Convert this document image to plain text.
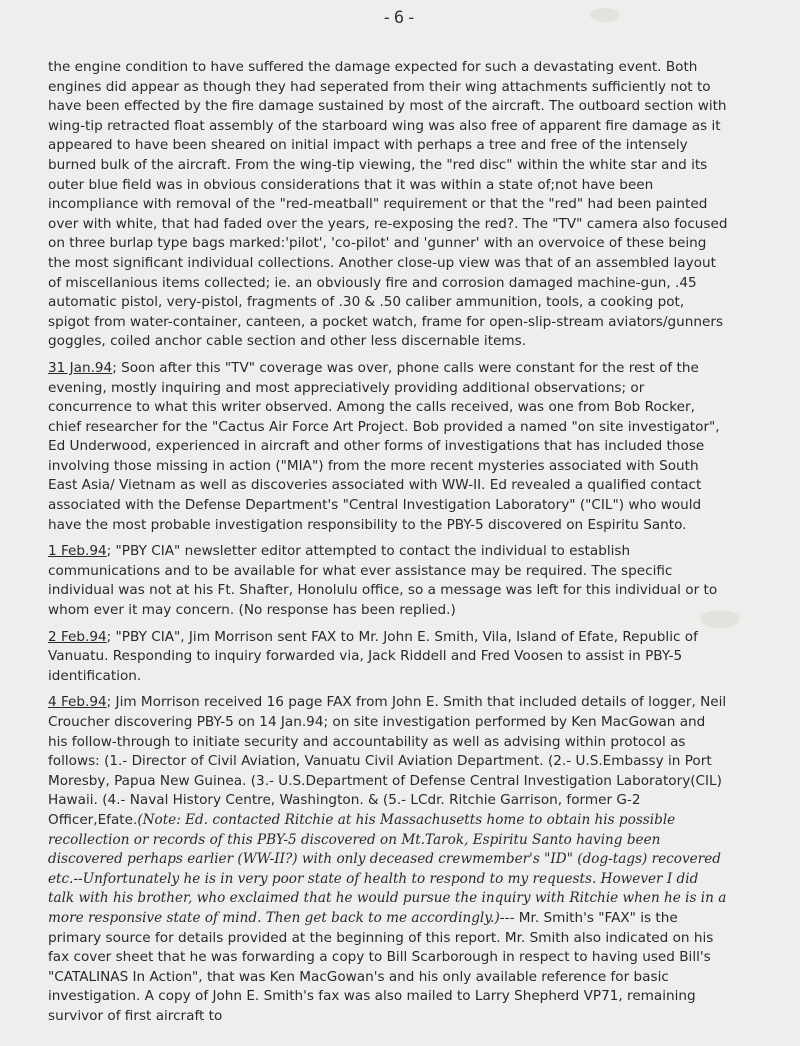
-6-

the engine condition to have suffered the damage expected for such a devastating event. Both engines did appear as though they had seperated from their wing attachments sufficiently not to have been effected by the fire damage sustained by most of the aircraft. The outboard section with wing-tip retracted float assembly of the starboard wing was also free of apparent fire damage as it appeared to have been sheared on initial impact with perhaps a tree and free of the intensely burned bulk of the aircraft. From the wing-tip viewing, the "red disc" within the white star and its outer blue field was in obvious considerations that it was within a state of;not have been incompliance with removal of the "red-meatball" requirement or that the "red" had been painted over with white, that had faded over the years, re-exposing the red?. The "TV" camera also focused on three burlap type bags marked:'pilot', 'co-pilot' and 'gunner' with an overvoice of these being the most significant individual collections. Another close-up view was that of an assembled layout of miscellanious items collected; ie. an obviously fire and corrosion damaged machine-gun, .45 automatic pistol, very-pistol, fragments of .30 & .50 caliber ammunition, tools, a cooking pot, spigot from water-container, canteen, a pocket watch, frame for open-slip-stream aviators/gunners goggles, coiled anchor cable section and other less discernable items.

31 Jan.94; Soon after this "TV" coverage was over, phone calls were constant for the rest of the evening, mostly inquiring and most appreciatively providing additional observations; or concurrence to what this writer observed. Among the calls received, was one from Bob Rocker, chief researcher for the "Cactus Air Force Art Project. Bob provided a named "on site investigator", Ed Underwood, experienced in aircraft and other forms of investigations that has included those involving those missing in action ("MIA") from the more recent mysteries associated with South East Asia/ Vietnam as well as discoveries associated with WW-II. Ed revealed a qualified contact associated with the Defense Department's "Central Investigation Laboratory" ("CIL") who would have the most probable investigation responsibility to the PBY-5 discovered on Espiritu Santo.

1 Feb.94; "PBY CIA" newsletter editor attempted to contact the individual to establish communications and to be available for what ever assistance may be required. The specific individual was not at his Ft. Shafter, Honolulu office, so a message was left for this individual or to whom ever it may concern. (No response has been replied.)

2 Feb.94; "PBY CIA", Jim Morrison sent FAX to Mr. John E. Smith, Vila, Island of Efate, Republic of Vanuatu. Responding to inquiry forwarded via, Jack Riddell and Fred Voosen to assist in PBY-5 identification.

4 Feb.94; Jim Morrison received 16 page FAX from John E. Smith that included details of logger, Neil Croucher discovering PBY-5 on 14 Jan.94; on site investigation performed by Ken MacGowan and his follow-through to initiate security and accountability as well as advising within protocol as follows: (1.- Director of Civil Aviation, Vanuatu Civil Aviation Department. (2.- U.S.Embassy in Port Moresby, Papua New Guinea. (3.- U.S.Department of Defense Central Investigation Laboratory(CIL) Hawaii. (4.- Naval History Centre, Washington. & (5.- LCdr. Ritchie Garrison, former G-2 Officer,Efate.(Note: Ed. contacted Ritchie at his Massachusetts home to obtain his possible recollection or records of this PBY-5 discovered on Mt.Tarok, Espiritu Santo having been discovered perhaps earlier (WW-II?) with only deceased crewmember's "ID" (dog-tags) recovered etc.--Unfortunately he is in very poor state of health to respond to my requests. However I did talk with his brother, who exclaimed that he would pursue the inquiry with Ritchie when he is in a more responsive state of mind. Then get back to me accordingly.)--- Mr. Smith's "FAX" is the primary source for details provided at the beginning of this report. Mr. Smith also indicated on his fax cover sheet that he was forwarding a copy to Bill Scarborough in respect to having used Bill's "CATALINAS In Action", that was Ken MacGowan's and his only available reference for basic investigation. A copy of John E. Smith's fax was also mailed to Larry Shepherd VP71, remaining survivor of first aircraft to
